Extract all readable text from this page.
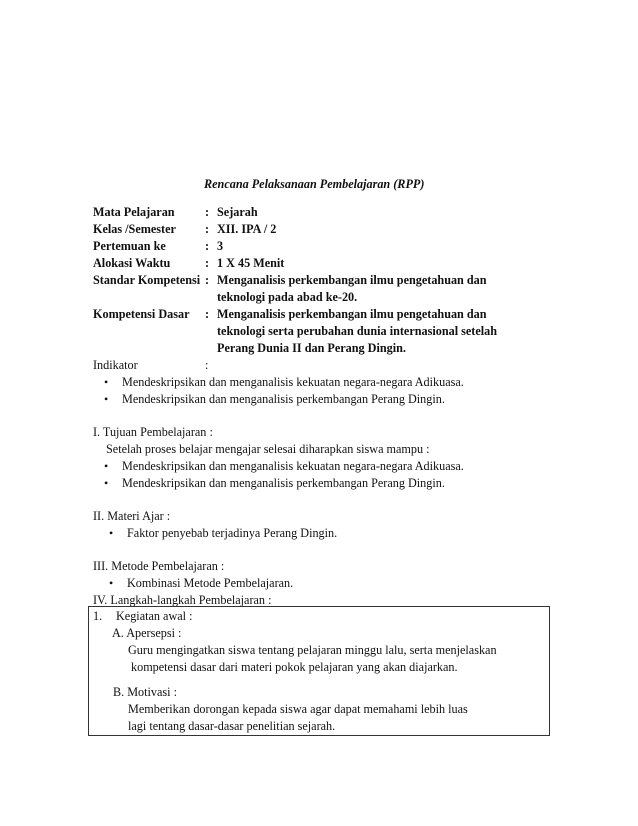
Rencana Pelaksanaan Pembelajaran (RPP)
Mata Pelajaran : Sejarah
Kelas /Semester : XII. IPA / 2
Pertemuan ke	: 3
Alokasi Waktu	: 1 X 45 Menit
Standar Kompetensi : Menganalisis perkembangan ilmu pengetahuan dan
teknologi pada abad ke-20.
Kompetensi Dasar : Menganalisis perkembangan ilmu pengetahuan dan
teknologi serta perubahan dunia internasional setelah
Perang Dunia II dan Perang Dingin.
Indikator	:
• Mendeskripsikan dan menganalisis kekuatan negara-negara Adikuasa.
• Mendeskripsikan dan menganalisis perkembangan Perang Dingin.
I. Tujuan Pembelajaran :
Setelah proses belajar mengajar selesai diharapkan siswa mampu :
• Mendeskripsikan dan menganalisis kekuatan negara-negara Adikuasa.
• Mendeskripsikan dan menganalisis perkembangan Perang Dingin.
II. Materi Ajar :
• Faktor penyebab terjadinya Perang Dingin.
III. Metode Pembelajaran :
• Kombinasi Metode Pembelajaran.
IV. Langkah-langkah Pembelajaran :
1. Kegiatan awal :
A. Apersepsi :
Guru mengingatkan siswa tentang pelajaran minggu lalu, serta menjelaskan
kompetensi dasar dari materi pokok pelajaran yang akan diajarkan.
B. Motivasi :
Memberikan dorongan kepada siswa agar dapat memahami lebih luas
lagi tentang dasar-dasar penelitian sejarah.
